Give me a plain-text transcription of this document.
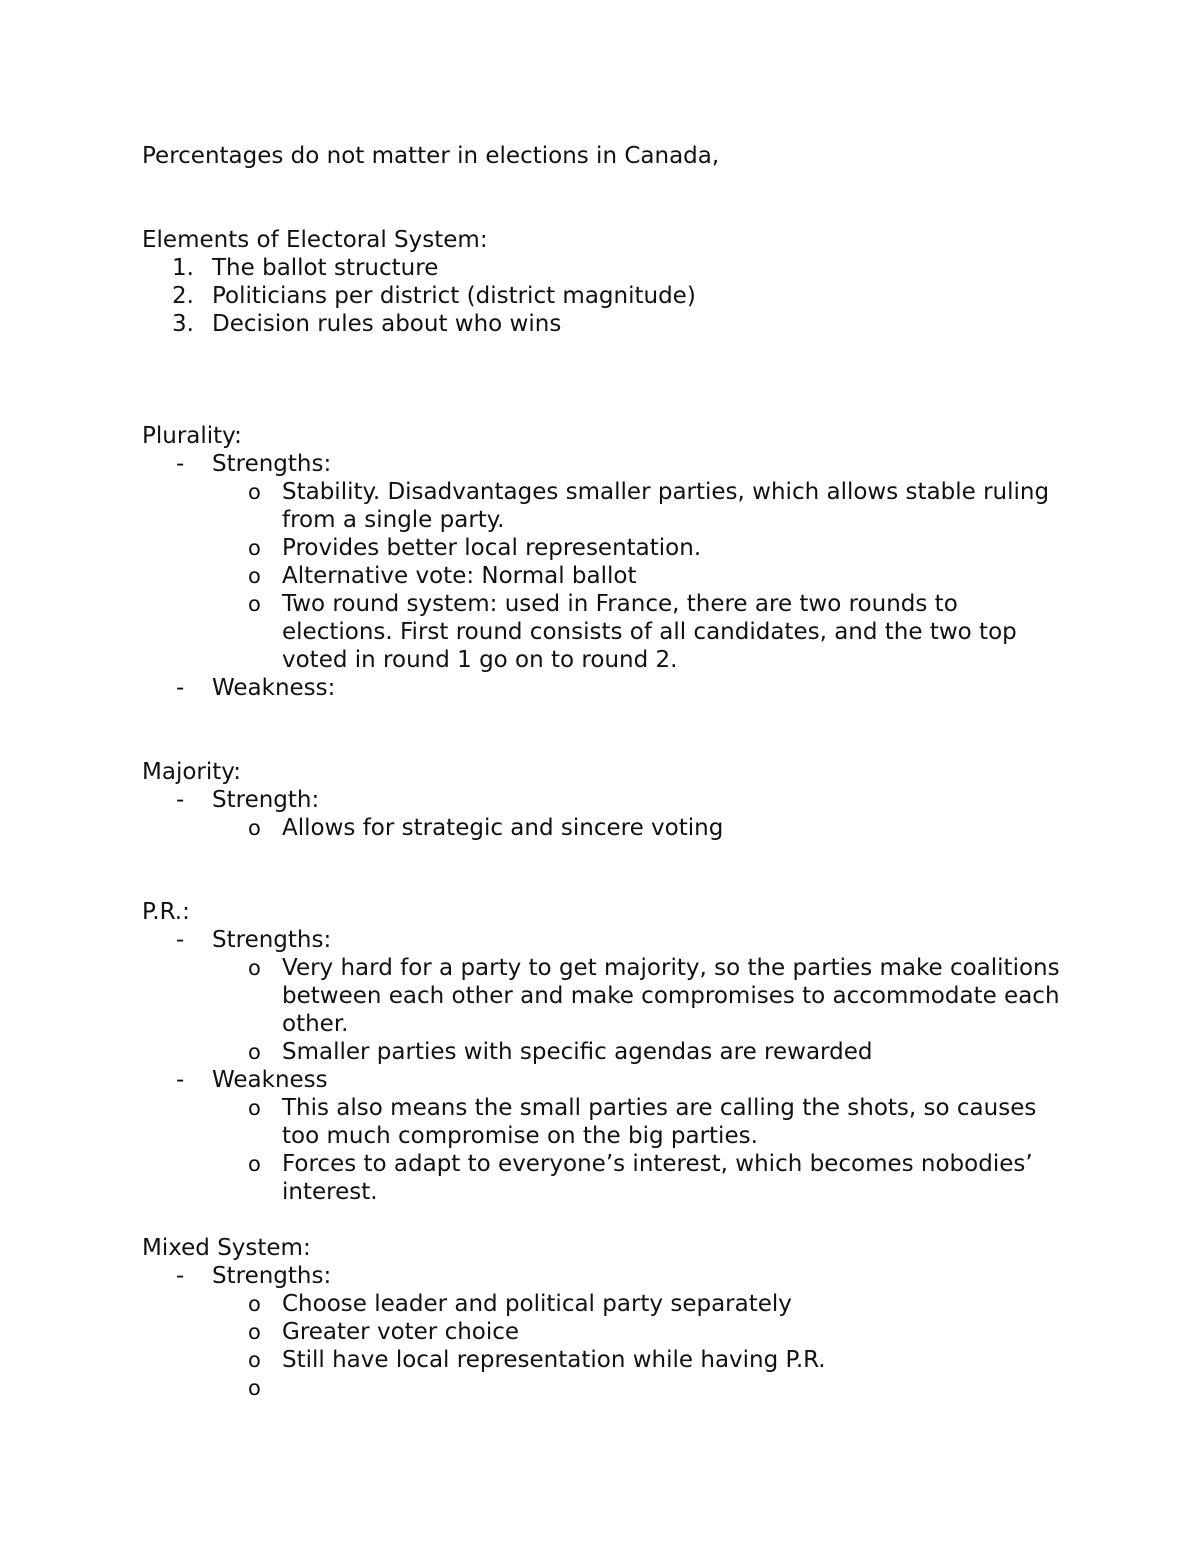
Percentages do not matter in elections in Canada,

Elements of Electoral System:

1. The ballot structure
2. Politicians per district (district magnitude)
3. Decision rules about who wins

Plurality:

- Strengths:
o Stability. Disadvantages smaller parties, which allows stable ruling from a single party.
o Provides better local representation.
o Alternative vote: Normal ballot
o Two round system: used in France, there are two rounds to elections. First round consists of all candidates, and the two top voted in round 1 go on to round 2.
- Weakness:

Majority:

- Strength:
o Allows for strategic and sincere voting

P.R.:

- Strengths:
o Very hard for a party to get majority, so the parties make coalitions between each other and make compromises to accommodate each other.
o Smaller parties with specific agendas are rewarded
- Weakness
o This also means the small parties are calling the shots, so causes too much compromise on the big parties.
o Forces to adapt to everyone’s interest, which becomes nobodies’ interest.

Mixed System:

- Strengths:
o Choose leader and political party separately
o Greater voter choice
o Still have local representation while having P.R.
o
